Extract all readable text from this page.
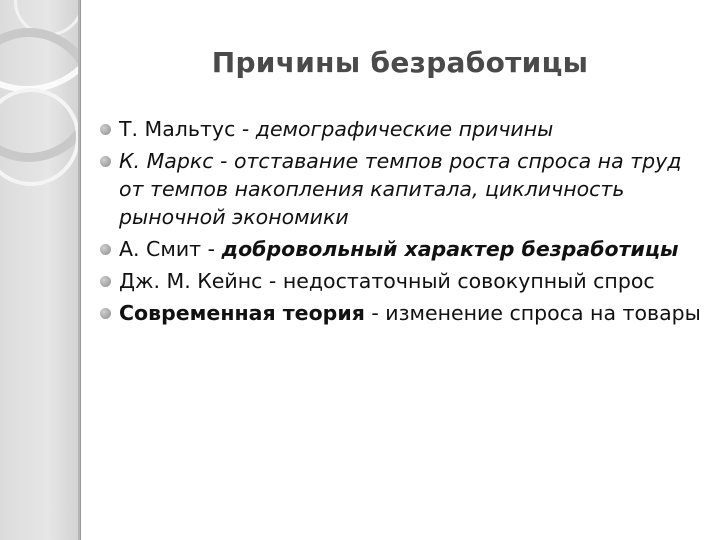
Причины безработицы
Т. Мальтус - демографические причины
К. Маркс - отставание темпов роста спроса на труд от темпов накопления капитала, цикличность рыночной экономики
А. Смит - добровольный характер безработицы
Дж. М. Кейнс - недостаточный совокупный спрос
Современная теория - изменение спроса на товары
